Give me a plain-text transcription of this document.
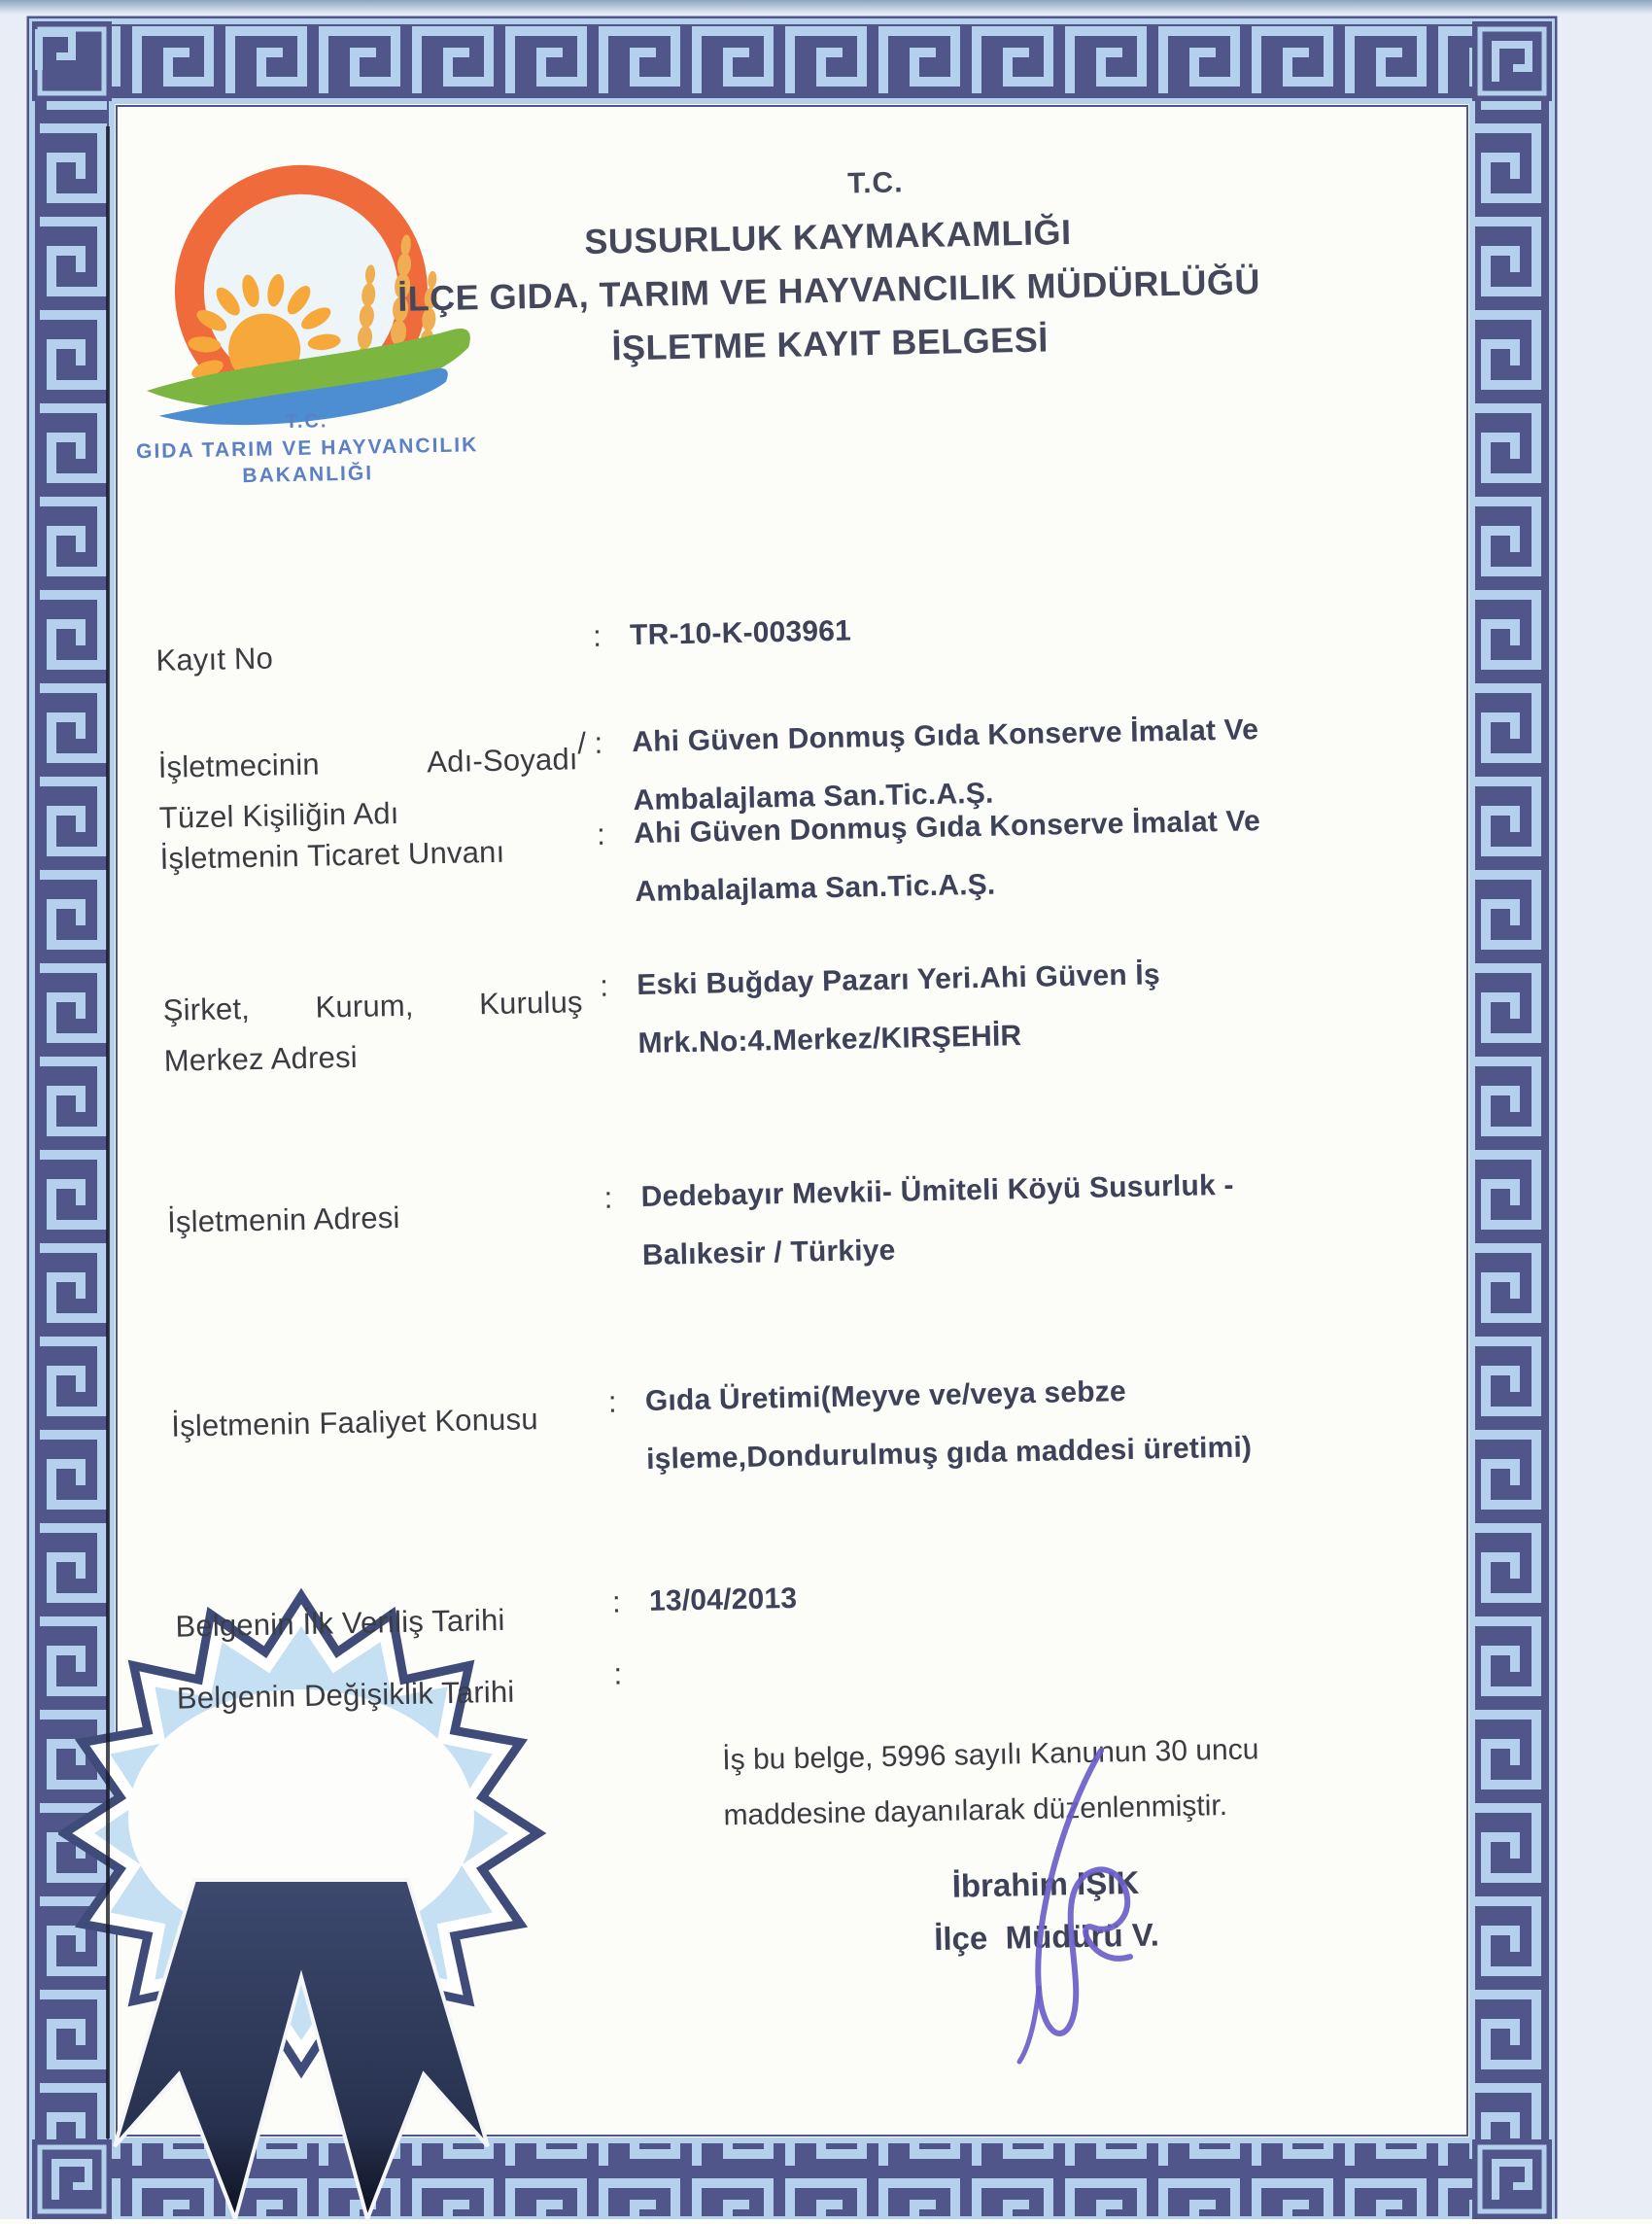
T.C.
GIDA TARIM VE HAYVANCILIK
BAKANLIĞI
T.C.
SUSURLUK KAYMAKAMLIĞI
İLÇE GIDA, TARIM VE HAYVANCILIK MÜDÜRLÜĞÜ
İŞLETME KAYIT BELGESİ
Kayıt No
: TR-10-K-003961
İşletmecinin Adı-Soyadı
Tüzel Kişiliğin Adı
/ : Ahi Güven Donmuş Gıda Konserve İmalat Ve
Ambalajlama San.Tic.A.Ş.
İşletmenin Ticaret Unvanı
: Ahi Güven Donmuş Gıda Konserve İmalat Ve
Ambalajlama San.Tic.A.Ş.
Şirket, Kurum, Kuruluş
Merkez Adresi
: Eski Buğday Pazarı Yeri.Ahi Güven İş
Mrk.No:4.Merkez/KIRŞEHİR
İşletmenin Adresi
: Dedebayır Mevkii- Ümiteli Köyü Susurluk -
Balıkesir / Türkiye
İşletmenin Faaliyet Konusu
: Gıda Üretimi(Meyve ve/veya sebze
işleme,Dondurulmuş gıda maddesi üretimi)
Belgenin İlk Veriliş Tarihi
: 13/04/2013
Belgenin Değişiklik Tarihi
:
İş bu belge, 5996 sayılı Kanunun 30 uncu
maddesine dayanılarak düzenlenmiştir.
İbrahim IŞIK
İlçe  Müdürü V.
